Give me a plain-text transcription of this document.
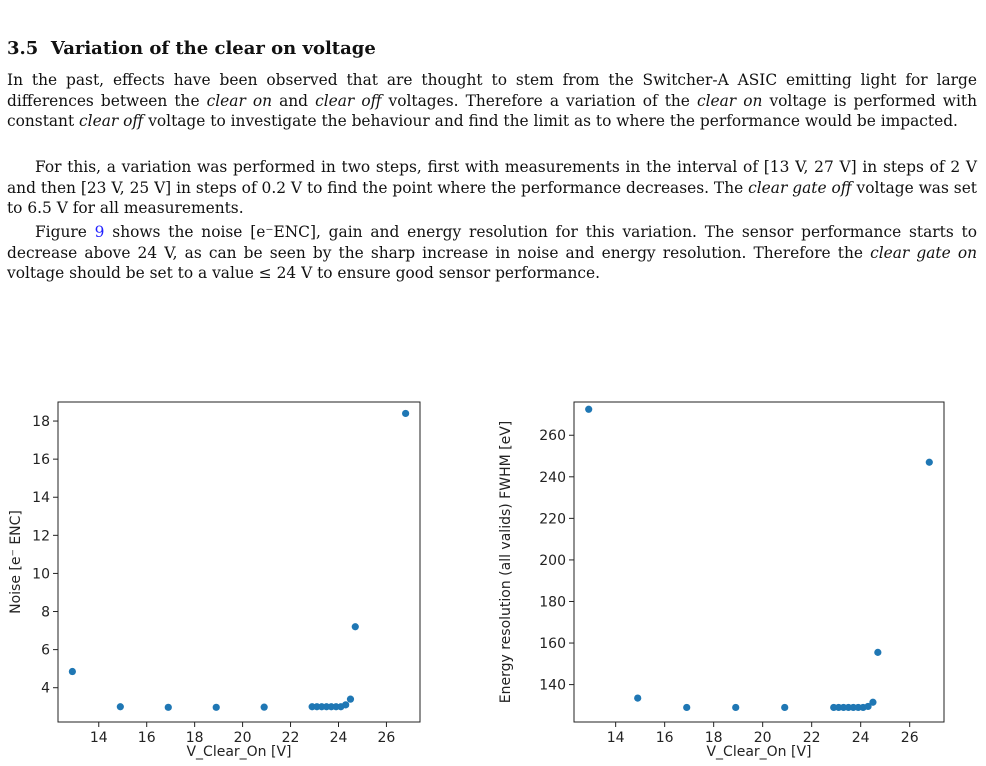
3.5 Variation of the clear on voltage

In the past, effects have been observed that are thought to stem from the Switcher-A ASIC emitting light for large differences between the clear on and clear off voltages. Therefore a variation of the clear on voltage is performed with constant clear off voltage to investigate the behaviour and find the limit as to where the performance would be impacted.

For this, a variation was performed in two steps, first with measurements in the interval of [13 V, 27 V] in steps of 2 V and then [23 V, 25 V] in steps of 0.2 V to find the point where the performance decreases. The clear gate off voltage was set to 6.5 V for all measurements.

Figure 9 shows the noise [e⁻ENC], gain and energy resolution for this variation. The sensor performance starts to decrease above 24 V, as can be seen by the sharp increase in noise and energy resolution. Therefore the clear gate on voltage should be set to a value ≤ 24 V to ensure good sensor performance.

14 16 18 20 22 24 26
4
6
8
10
12
14
16
18
V_Clear_On [V]
Noise [e⁻ ENC]
14 16 18 20 22 24 26
140
160
180
200
220
240
260
V_Clear_On [V]
Energy resolution (all valids) FWHM [eV]
